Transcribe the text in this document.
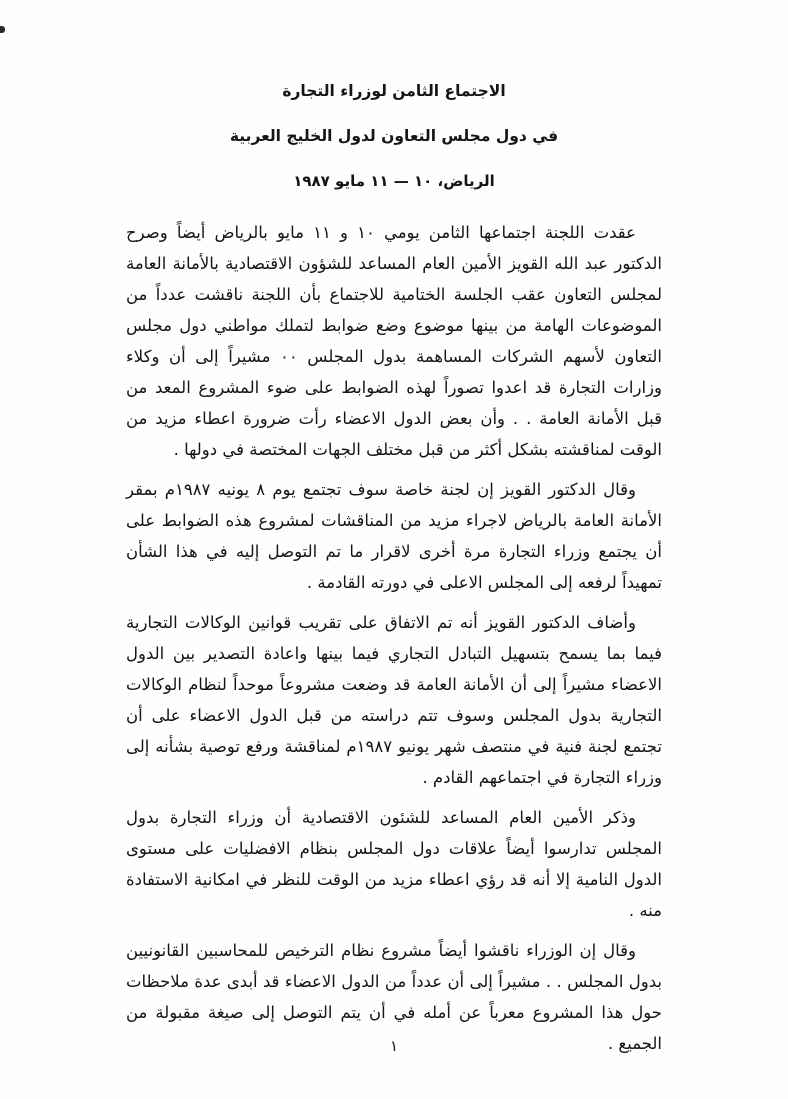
الاجتماع الثامن لوزراء التجارة
في دول مجلس التعاون لدول الخليج العربية
الرياض، ١٠ — ١١ مايو ١٩٨٧

عقدت اللجنة اجتماعها الثامن يومي ١٠ و ١١ مايو بالرياض أيضاً وصرح الدكتور عبد الله القويز الأمين العام المساعد للشؤون الاقتصادية بالأمانة العامة لمجلس التعاون عقب الجلسة الختامية للاجتماع بأن اللجنة ناقشت عدداً من الموضوعات الهامة من بينها موضوع وضع ضوابط لتملك مواطني دول مجلس التعاون لأسهم الشركات المساهمة بدول المجلس ٠٠ مشيراً إلى أن وكلاء وزارات التجارة قد اعدوا تصوراً لهذه الضوابط على ضوء المشروع المعد من قبل الأمانة العامة . . وأن بعض الدول الاعضاء رأت ضرورة اعطاء مزيد من الوقت لمناقشته بشكل أكثر من قبل مختلف الجهات المختصة في دولها .

وقال الدكتور القويز إن لجنة خاصة سوف تجتمع يوم ٨ يونيه ١٩٨٧م بمقر الأمانة العامة بالرياض لاجراء مزيد من المناقشات لمشروع هذه الضوابط على أن يجتمع وزراء التجارة مرة أخرى لاقرار ما تم التوصل إليه في هذا الشأن تمهيداً لرفعه إلى المجلس الاعلى في دورته القادمة .

وأضاف الدكتور القويز أنه تم الاتفاق على تقريب قوانين الوكالات التجارية فيما بما يسمح بتسهيل التبادل التجاري فيما بينها واعادة التصدير بين الدول الاعضاء مشيراً إلى أن الأمانة العامة قد وضعت مشروعاً موحداً لنظام الوكالات التجارية بدول المجلس وسوف تتم دراسته من قبل الدول الاعضاء على أن تجتمع لجنة فنية في منتصف شهر يونيو ١٩٨٧م لمناقشة ورفع توصية بشأنه إلى وزراء التجارة في اجتماعهم القادم .

وذكر الأمين العام المساعد للشئون الاقتصادية أن وزراء التجارة بدول المجلس تدارسوا أيضاً علاقات دول المجلس بنظام الافضليات على مستوى الدول النامية إلا أنه قد رؤي اعطاء مزيد من الوقت للنظر في امكانية الاستفادة منه .

وقال إن الوزراء ناقشوا أيضاً مشروع نظام الترخيص للمحاسبين القانونيين بدول المجلس . . مشيراً إلى أن عدداً من الدول الاعضاء قد أبدى عدة ملاحظات حول هذا المشروع معرباً عن أمله في أن يتم التوصل إلى صيغة مقبولة من الجميع .

١
